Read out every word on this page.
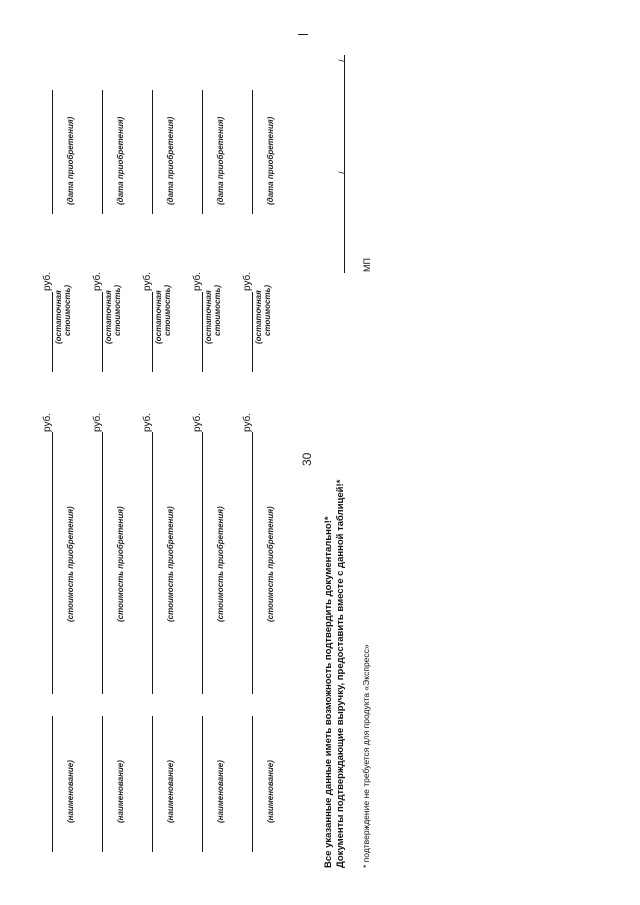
30
(наименование)
(стоимость приобретения)
руб.
руб.
(остаточная стоимость)
(дата приобретения)
(наименование)
(стоимость приобретения)
руб.
руб.
(остаточная стоимость)
(дата приобретения)
(наименование)
(стоимость приобретения)
руб.
руб.
(остаточная стоимость)
(дата приобретения)
(наименование)
(стоимость приобретения)
руб.
руб.
(остаточная стоимость)
(дата приобретения)
(наименование)
(стоимость приобретения)
руб.
руб.
(остаточная стоимость)
(дата приобретения)
Все указанные данные иметь возможность подтвердить документально!* Документы подтверждающие выручку, предоставить вместе с данной таблицей!* * подтверждение не требуется для продукта «Экспресс»
МП
/
/
